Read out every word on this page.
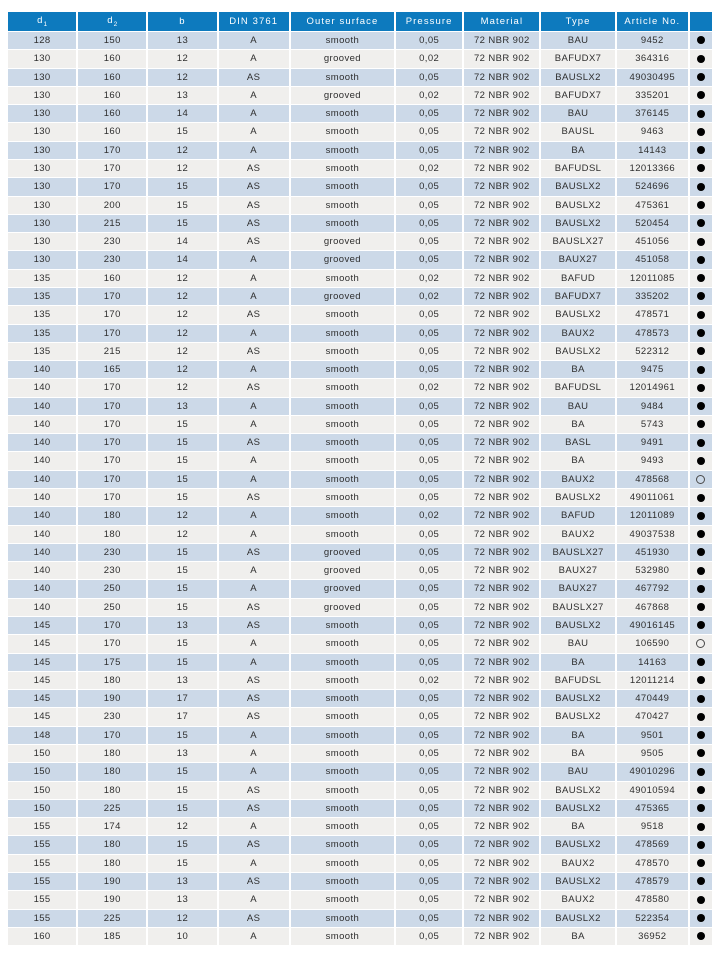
$d_1$	$d_2$	b	DIN 3761	Outer surface	Pressure	Material	Type	Article No.	
128	150	13	A	smooth	0,05	72 NBR 902	BAU	9452	
130	160	12	A	grooved	0,02	72 NBR 902	BAFUDX7	364316	
130	160	12	AS	smooth	0,05	72 NBR 902	BAUSLX2	49030495	
130	160	13	A	grooved	0,02	72 NBR 902	BAFUDX7	335201	
130	160	14	A	smooth	0,05	72 NBR 902	BAU	376145	
130	160	15	A	smooth	0,05	72 NBR 902	BAUSL	9463	
130	170	12	A	smooth	0,05	72 NBR 902	BA	14143	
130	170	12	AS	smooth	0,02	72 NBR 902	BAFUDSL	12013366	
130	170	15	AS	smooth	0,05	72 NBR 902	BAUSLX2	524696	
130	200	15	AS	smooth	0,05	72 NBR 902	BAUSLX2	475361	
130	215	15	AS	smooth	0,05	72 NBR 902	BAUSLX2	520454	
130	230	14	AS	grooved	0,05	72 NBR 902	BAUSLX27	451056	
130	230	14	A	grooved	0,05	72 NBR 902	BAUX27	451058	
135	160	12	A	smooth	0,02	72 NBR 902	BAFUD	12011085	
135	170	12	A	grooved	0,02	72 NBR 902	BAFUDX7	335202	
135	170	12	AS	smooth	0,05	72 NBR 902	BAUSLX2	478571	
135	170	12	A	smooth	0,05	72 NBR 902	BAUX2	478573	
135	215	12	AS	smooth	0,05	72 NBR 902	BAUSLX2	522312	
140	165	12	A	smooth	0,05	72 NBR 902	BA	9475	
140	170	12	AS	smooth	0,02	72 NBR 902	BAFUDSL	12014961	
140	170	13	A	smooth	0,05	72 NBR 902	BAU	9484	
140	170	15	A	smooth	0,05	72 NBR 902	BA	5743	
140	170	15	AS	smooth	0,05	72 NBR 902	BASL	9491	
140	170	15	A	smooth	0,05	72 NBR 902	BA	9493	
140	170	15	A	smooth	0,05	72 NBR 902	BAUX2	478568	
140	170	15	AS	smooth	0,05	72 NBR 902	BAUSLX2	49011061	
140	180	12	A	smooth	0,02	72 NBR 902	BAFUD	12011089	
140	180	12	A	smooth	0,05	72 NBR 902	BAUX2	49037538	
140	230	15	AS	grooved	0,05	72 NBR 902	BAUSLX27	451930	
140	230	15	A	grooved	0,05	72 NBR 902	BAUX27	532980	
140	250	15	A	grooved	0,05	72 NBR 902	BAUX27	467792	
140	250	15	AS	grooved	0,05	72 NBR 902	BAUSLX27	467868	
145	170	13	AS	smooth	0,05	72 NBR 902	BAUSLX2	49016145	
145	170	15	A	smooth	0,05	72 NBR 902	BAU	106590	
145	175	15	A	smooth	0,05	72 NBR 902	BA	14163	
145	180	13	AS	smooth	0,02	72 NBR 902	BAFUDSL	12011214	
145	190	17	AS	smooth	0,05	72 NBR 902	BAUSLX2	470449	
145	230	17	AS	smooth	0,05	72 NBR 902	BAUSLX2	470427	
148	170	15	A	smooth	0,05	72 NBR 902	BA	9501	
150	180	13	A	smooth	0,05	72 NBR 902	BA	9505	
150	180	15	A	smooth	0,05	72 NBR 902	BAU	49010296	
150	180	15	AS	smooth	0,05	72 NBR 902	BAUSLX2	49010594	
150	225	15	AS	smooth	0,05	72 NBR 902	BAUSLX2	475365	
155	174	12	A	smooth	0,05	72 NBR 902	BA	9518	
155	180	15	AS	smooth	0,05	72 NBR 902	BAUSLX2	478569	
155	180	15	A	smooth	0,05	72 NBR 902	BAUX2	478570	
155	190	13	AS	smooth	0,05	72 NBR 902	BAUSLX2	478579	
155	190	13	A	smooth	0,05	72 NBR 902	BAUX2	478580	
155	225	12	AS	smooth	0,05	72 NBR 902	BAUSLX2	522354	
160	185	10	A	smooth	0,05	72 NBR 902	BA	36952	
